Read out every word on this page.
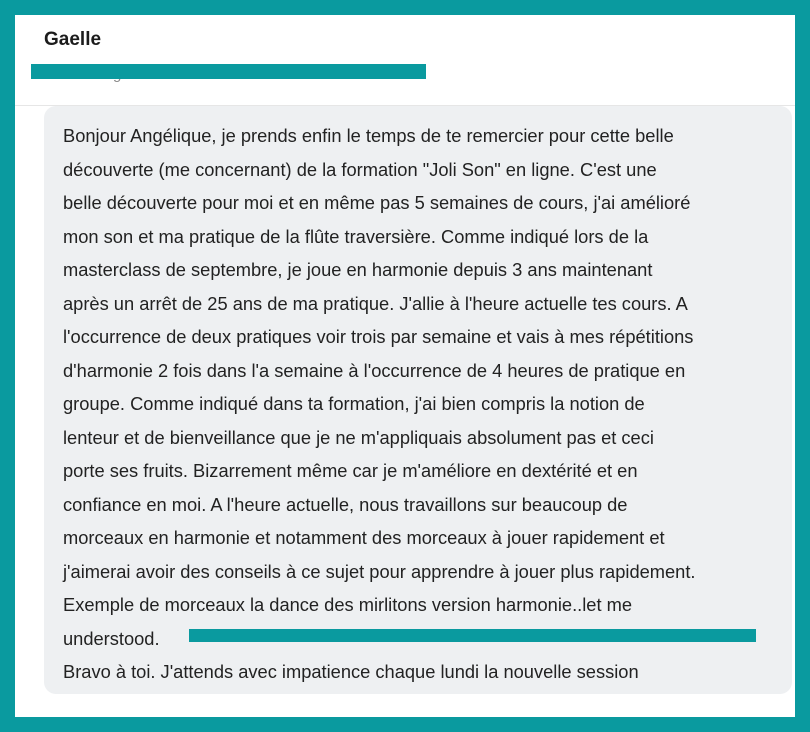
Gaelle

Bonjour Angélique, je prends enfin le temps de te remercier pour cette belle
découverte (me concernant) de la formation "Joli Son" en ligne. C'est une
belle découverte pour moi et en même pas 5 semaines de cours, j'ai amélioré
mon son et ma pratique de la flûte traversière. Comme indiqué lors de la
masterclass de septembre, je joue en harmonie depuis 3 ans maintenant
après un arrêt de 25 ans de ma pratique. J'allie à l'heure actuelle tes cours. A
l'occurrence de deux pratiques voir trois par semaine et vais à mes répétitions
d'harmonie 2 fois dans l'a semaine à l'occurrence de 4 heures de pratique en
groupe. Comme indiqué dans ta formation, j'ai bien compris la notion de
lenteur et de bienveillance que je ne m'appliquais absolument pas et ceci
porte ses fruits. Bizarrement même car je m'améliore en dextérité et en
confiance en moi. A l'heure actuelle, nous travaillons sur beaucoup de
morceaux en harmonie et notamment des morceaux à jouer rapidement et
j'aimerai avoir des conseils à ce sujet pour apprendre à jouer plus rapidement.
Exemple de morceaux la dance des mirlitons version harmonie..let me
understood.
Bravo à toi. J'attends avec impatience chaque lundi la nouvelle session
